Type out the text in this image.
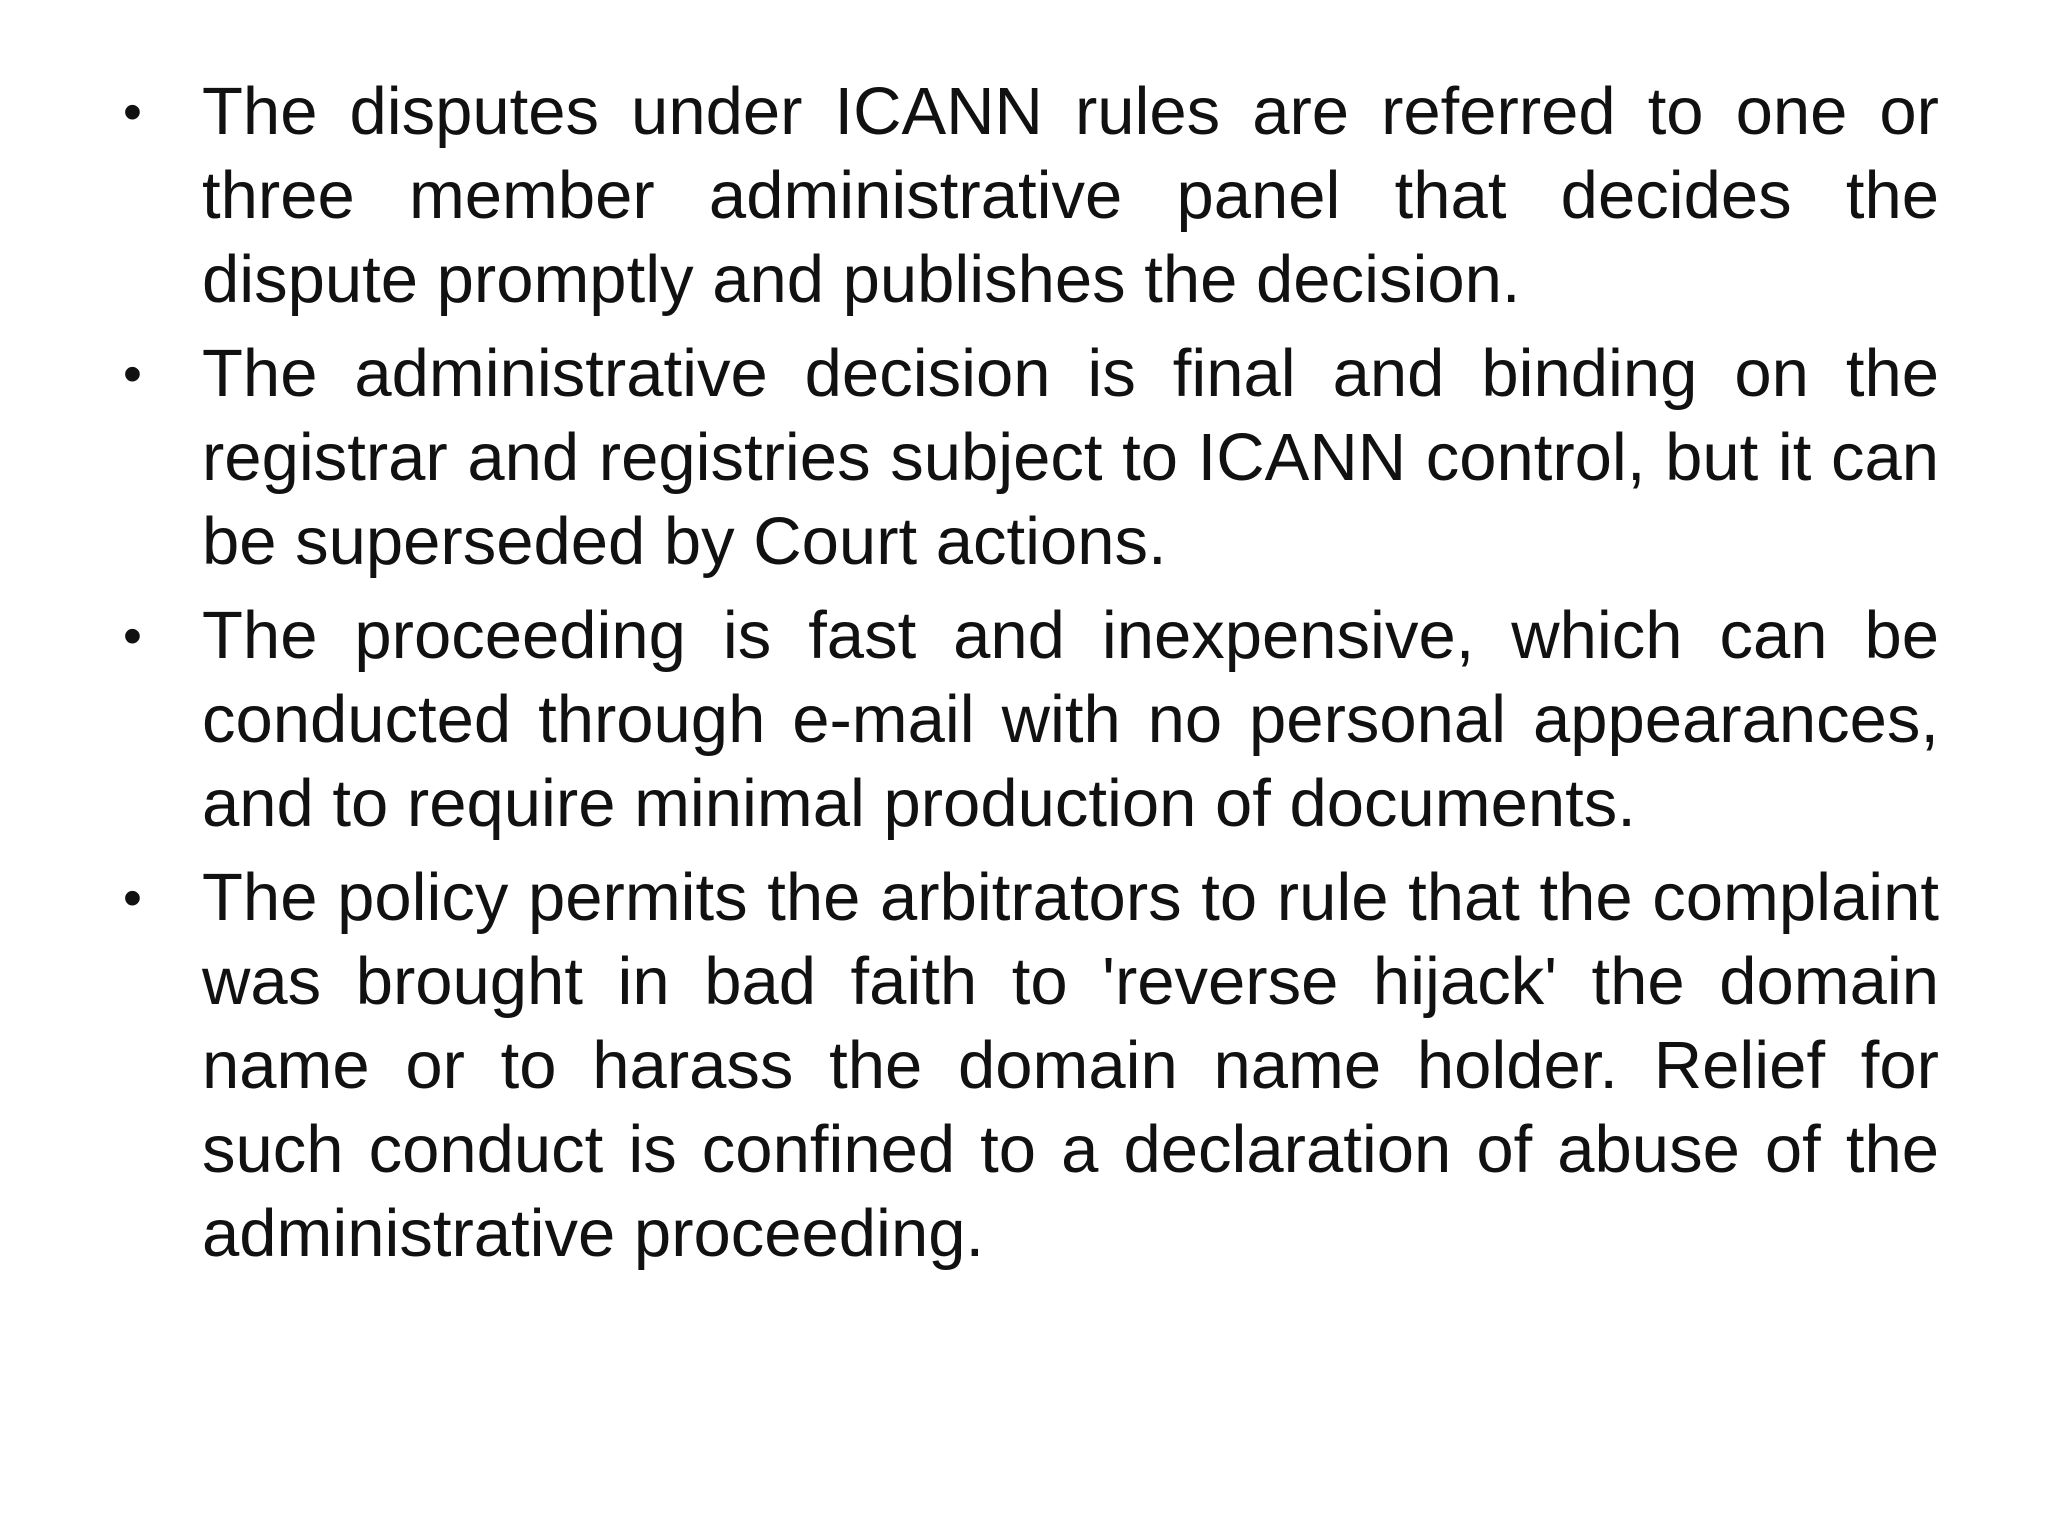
• The disputes under ICANN rules are referred to one or three member administrative panel that decides the dispute promptly and publishes the decision.
• The administrative decision is final and binding on the registrar and registries subject to ICANN control, but it can be superseded by Court actions.
• The proceeding is fast and inexpensive, which can be conducted through e-mail with no personal appearances, and to require minimal production of documents.
• The policy permits the arbitrators to rule that the complaint was brought in bad faith to 'reverse hijack' the domain name or to harass the domain name holder. Relief for such conduct is confined to a declaration of abuse of the administrative proceeding.
